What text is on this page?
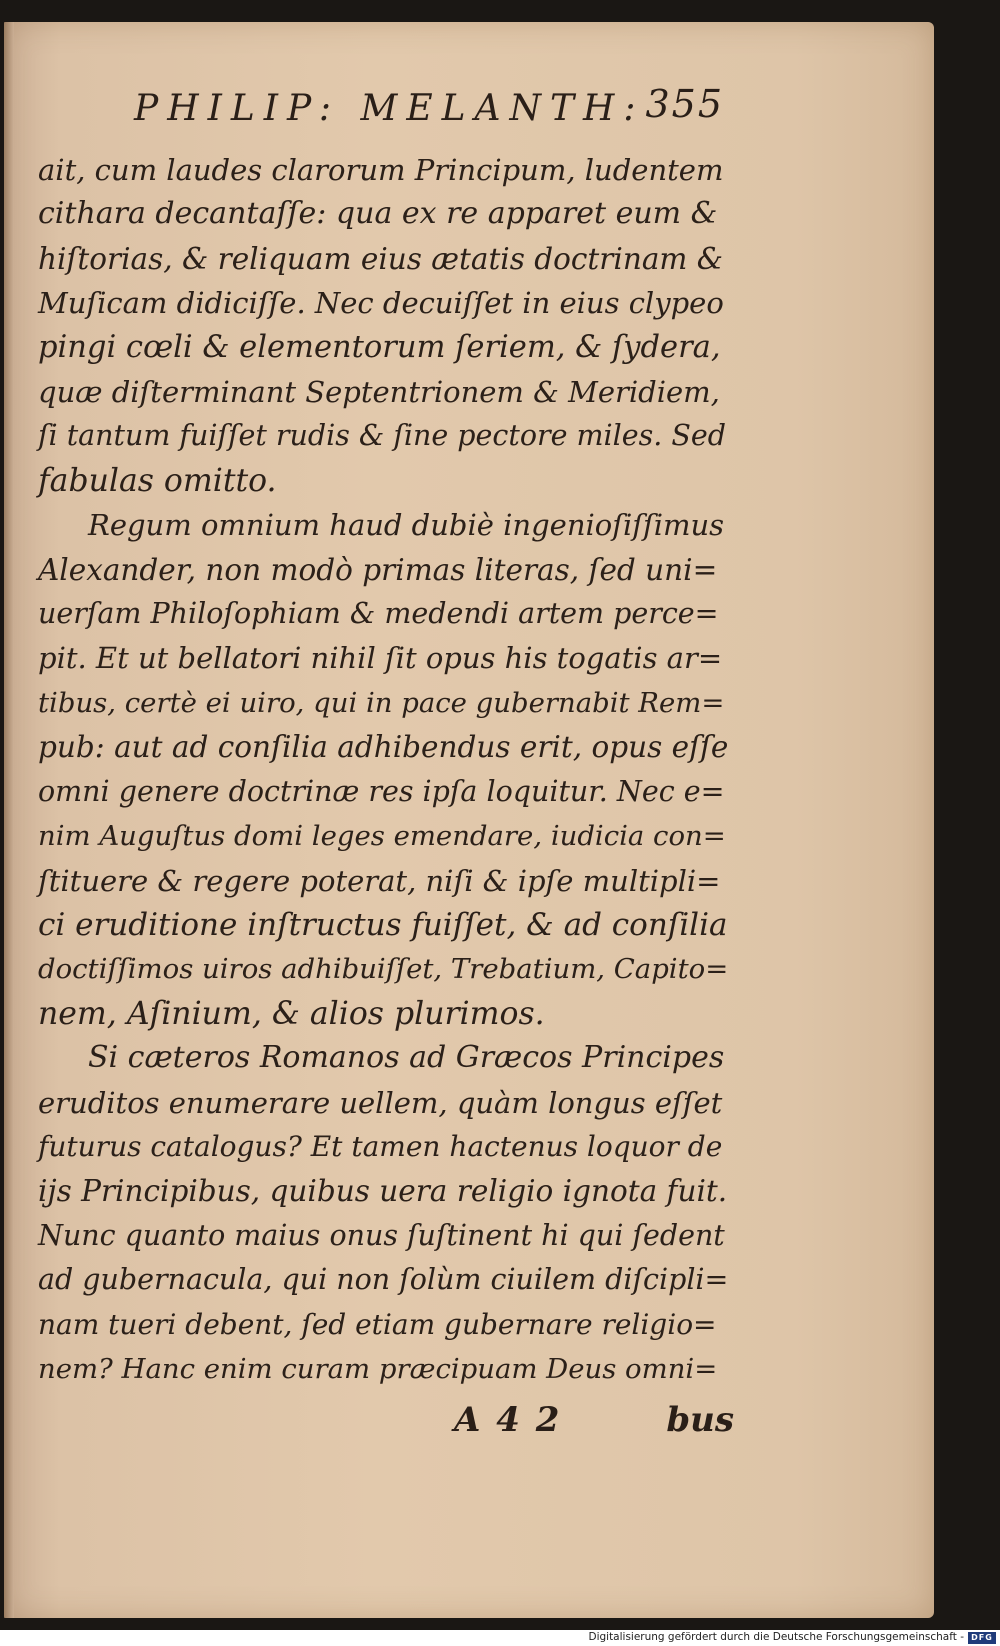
PHILIP: MELANTH: 355
ait, cum laudes clarorum Principum, ludentem
cithara decantaſſe: qua ex re apparet eum &
hiſtorias, & reliquam eius ætatis doctrinam &
Muſicam didiciſſe. Nec decuiſſet in eius clypeo
pingi cœli & elementorum ſeriem, & ſydera,
quæ diſterminant Septentrionem & Meridiem,
ſi tantum fuiſſet rudis & ſine pectore miles. Sed
fabulas omitto.
Regum omnium haud dubiè ingenioſiſſimus
Alexander, non modò primas literas, ſed uni=
uerſam Philoſophiam & medendi artem perce=
pit. Et ut bellatori nihil ſit opus his togatis ar=
tibus, certè ei uiro, qui in pace gubernabit Rem=
pub: aut ad conſilia adhibendus erit, opus eſſe
omni genere doctrinæ res ipſa loquitur. Nec e=
nim Auguſtus domi leges emendare, iudicia con=
ſtituere & regere poterat, niſi & ipſe multipli=
ci eruditione inſtructus fuiſſet, & ad conſilia
doctiſſimos uiros adhibuiſſet, Trebatium, Capito=
nem, Aſinium, & alios plurimos.
Si cæteros Romanos ad Græcos Principes
eruditos enumerare uellem, quàm longus eſſet
futurus catalogus? Et tamen hactenus loquor de
ijs Principibus, quibus uera religio ignota fuit.
Nunc quanto maius onus ſuſtinent hi qui ſedent
ad gubernacula, qui non ſolùm ciuilem diſcipli=
nam tueri debent, ſed etiam gubernare religio=
nem? Hanc enim curam præcipuam Deus omni=
A 4 2	bus
Digitalisierung gefördert durch die Deutsche Forschungsgemeinschaft - DFG
